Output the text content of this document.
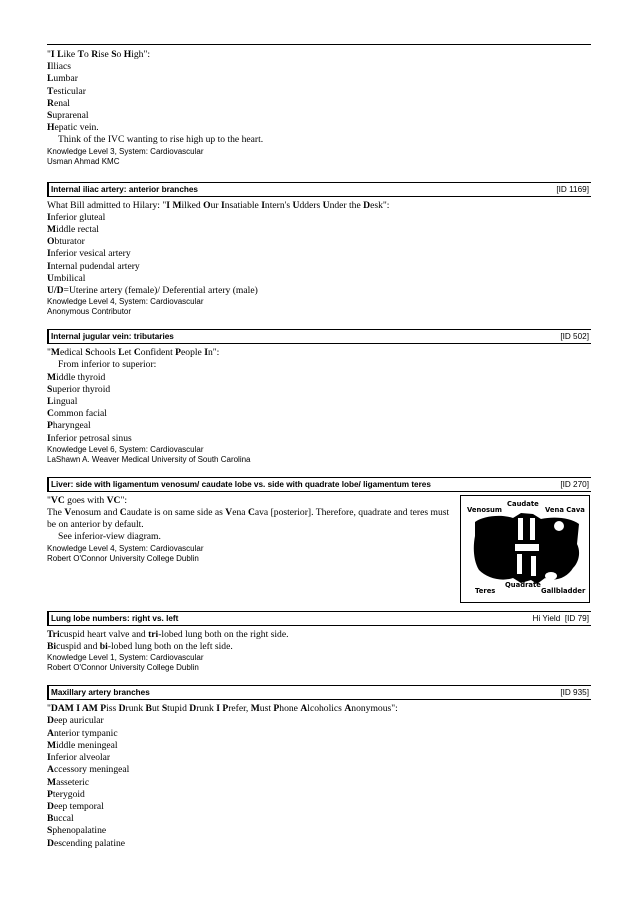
"I Like To Rise So High":
Illiacs
Lumbar
Testicular
Renal
Suprarenal
Hepatic vein.
Think of the IVC wanting to rise high up to the heart.
Knowledge Level 3, System: Cardiovascular
Usman Ahmad KMC
Internal iliac artery: anterior branches	[ID 1169]
What Bill admitted to Hilary: "I Milked Our Insatiable Intern's Udders Under the Desk":
Inferior gluteal
Middle rectal
Obturator
Inferior vesical artery
Internal pudendal artery
Umbilical
U/D=Uterine artery (female)/ Deferential artery (male)
Knowledge Level 4, System: Cardiovascular
Anonymous Contributor
Internal jugular vein: tributaries	[ID 502]
"Medical Schools Let Confident People In":
From inferior to superior:
Middle thyroid
Superior thyroid
Lingual
Common facial
Pharyngeal
Inferior petrosal sinus
Knowledge Level 6, System: Cardiovascular
LaShawn A. Weaver Medical University of South Carolina
Liver: side with ligamentum venosum/ caudate lobe vs. side with quadrate lobe/ ligamentum teres	[ID 270]
"VC goes with VC":
The Venosum and Caudate is on same side as Vena Cava [posterior]. Therefore, quadrate and teres must be on anterior by default.
See inferior-view diagram.
Knowledge Level 4, System: Cardiovascular
Robert O'Connor University College Dublin
Venosum
Caudate
Vena Cava
Teres
Quadrate
Gallbladder
Lung lobe numbers: right vs. left	Hi Yield [ID 79]
Tricuspid heart valve and tri-lobed lung both on the right side.
Bicuspid and bi-lobed lung both on the left side.
Knowledge Level 1, System: Cardiovascular
Robert O'Connor University College Dublin
Maxillary artery branches	[ID 935]
"DAM I AM Piss Drunk But Stupid Drunk I Prefer, Must Phone Alcoholics Anonymous":
Deep auricular
Anterior tympanic
Middle meningeal
Inferior alveolar
Accessory meningeal
Masseteric
Pterygoid
Deep temporal
Buccal
Sphenopalatine
Descending palatine
